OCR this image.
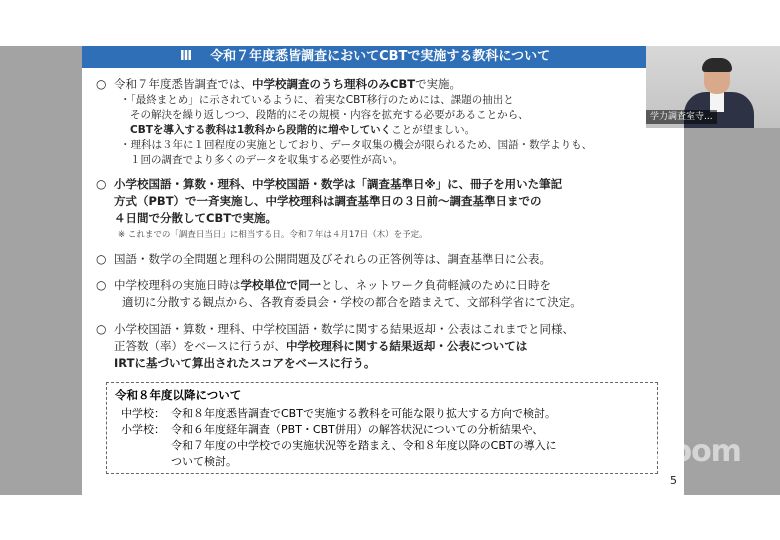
Ⅲ 令和７年度悉皆調査においてCBTで実施する教科について
○ 令和７年度悉皆調査では、中学校調査のうち理科のみCBTで実施。
・「最終まとめ」に示されているように、着実なCBT移行のためには、課題の抽出と
その解決を繰り返しつつ、段階的にその規模・内容を拡充する必要があることから、
CBTを導入する教科は1教科から段階的に増やしていくことが望ましい。
・理科は３年に１回程度の実施としており、データ収集の機会が限られるため、国語・数学よりも、
１回の調査でより多くのデータを収集する必要性が高い。
○ 小学校国語・算数・理科、中学校国語・数学は「調査基準日※」に、冊子を用いた筆記
方式（PBT）で一斉実施し、中学校理科は調査基準日の３日前～調査基準日までの
４日間で分散してCBTで実施。
※ これまでの「調査日当日」に相当する日。令和７年は４月17日（木）を予定。
○ 国語・数学の全問題と理科の公開問題及びそれらの正答例等は、調査基準日に公表。
○ 中学校理科の実施日時は学校単位で同一とし、ネットワーク負荷軽減のために日時を
適切に分散する観点から、各教育委員会・学校の都合を踏まえて、文部科学省にて決定。
○ 小学校国語・算数・理科、中学校国語・数学に関する結果返却・公表はこれまでと同様、
正答数（率）をベースに行うが、中学校理科に関する結果返却・公表については
IRTに基づいて算出されたスコアをベースに行う。
令和８年度以降について
中学校： 令和８年度悉皆調査でCBTで実施する教科を可能な限り拡大する方向で検討。
小学校： 令和６年度経年調査（PBT・CBT併用）の解答状況についての分析結果や、
令和７年度の中学校での実施状況等を踏まえ、令和８年度以降のCBTの導入に
ついて検討。
5
学力調査室寺...
zoom
